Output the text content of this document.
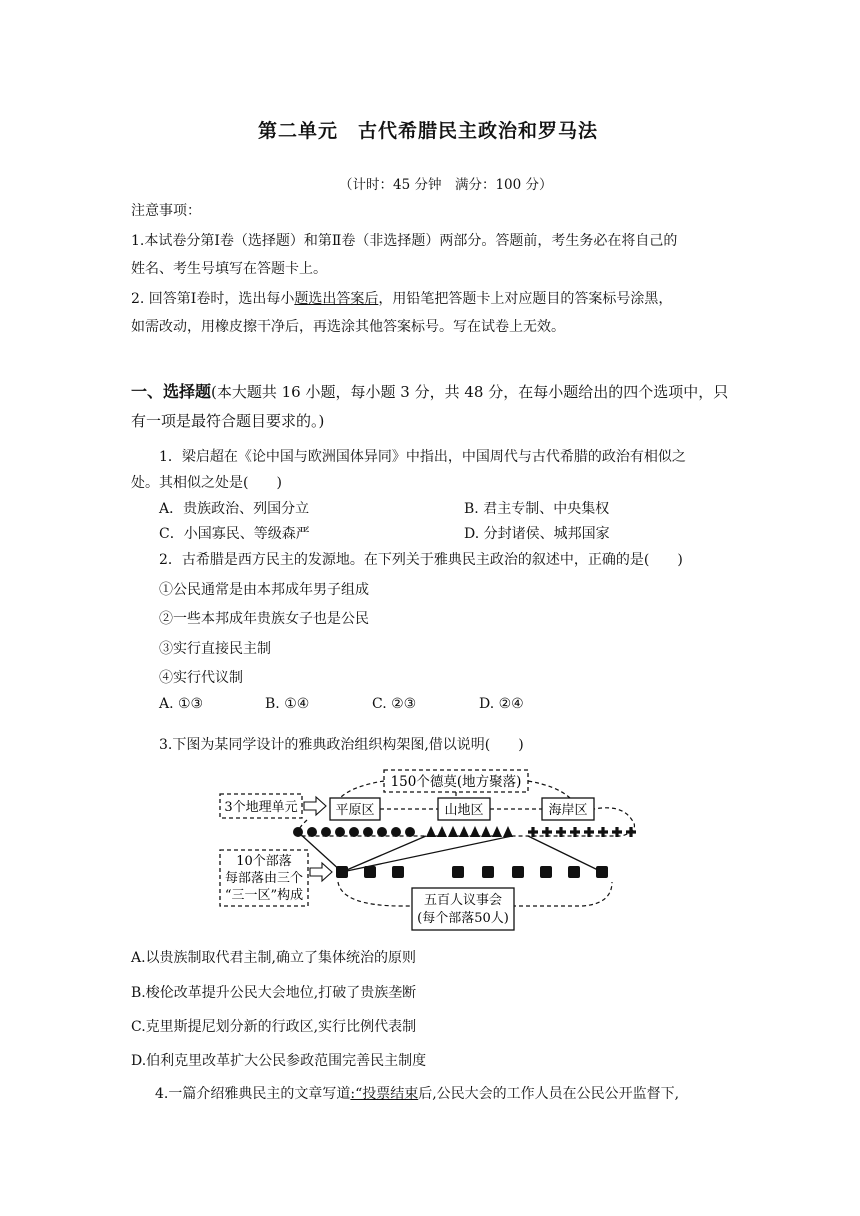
第二单元　古代希腊民主政治和罗马法
（计时：45 分钟　满分：100 分）
注意事项：
1.本试卷分第Ⅰ卷（选择题）和第Ⅱ卷（非选择题）两部分。答题前，考生务必在将自己的
姓名、考生号填写在答题卡上。
2. 回答第Ⅰ卷时，选出每小题选出答案后，用铅笔把答题卡上对应题目的答案标号涂黑，
如需改动，用橡皮擦干净后，再选涂其他答案标号。写在试卷上无效。
一、选择题(本大题共 16 小题，每小题 3 分，共 48 分，在每小题给出的四个选项中，只
有一项是最符合题目要求的。)
1．梁启超在《论中国与欧洲国体异同》中指出，中国周代与古代希腊的政治有相似之
处。其相似之处是(　　)
A．贵族政治、列国分立	B. 君主专制、中央集权
C．小国寡民、等级森严	D. 分封诸侯、城邦国家
2．古希腊是西方民主的发源地。在下列关于雅典民主政治的叙述中，正确的是(　　)
①公民通常是由本邦成年男子组成
②一些本邦成年贵族女子也是公民
③实行直接民主制
④实行代议制
A. ①③	B. ①④	C. ②③	D. ②④
3.下图为某同学设计的雅典政治组织构架图,借以说明(　　)
150个德莫(地方聚落)
3个地理单元	平原区	山地区	海岸区
10个部落
每部落由三个
“三一区”构成	五百人议事会
(每个部落50人)
A.以贵族制取代君主制,确立了集体统治的原则
B.梭伦改革提升公民大会地位,打破了贵族垄断
C.克里斯提尼划分新的行政区,实行比例代表制
D.伯利克里改革扩大公民参政范围完善民主制度
4.一篇介绍雅典民主的文章写道:“投票结束后,公民大会的工作人员在公民公开监督下,
